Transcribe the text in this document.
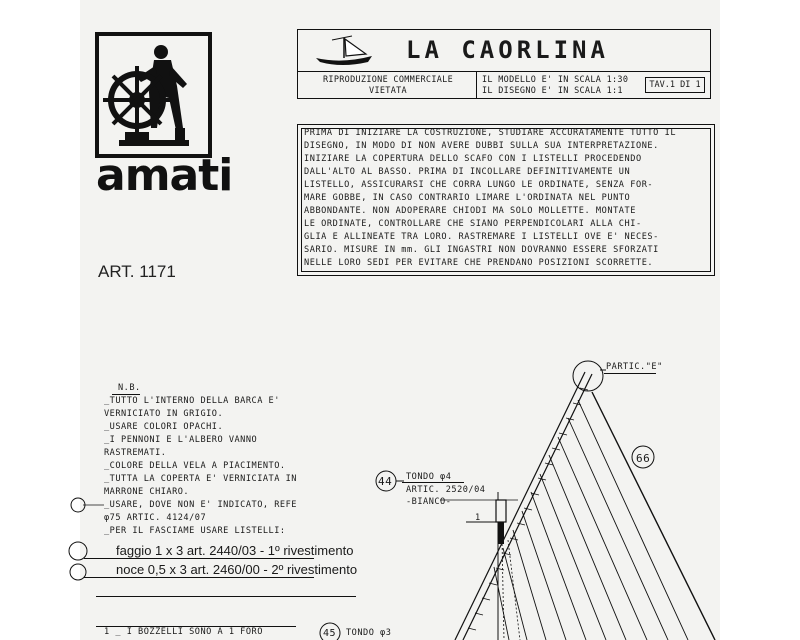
amati
ART. 1171
LA CAORLINA
RIPRODUZIONE COMMERCIALE
VIETATA
IL MODELLO E' IN SCALA 1:30
IL DISEGNO E' IN SCALA 1:1
TAV.1 DI 1
PRIMA DI INIZIARE LA COSTRUZIONE, STUDIARE ACCURATAMENTE TUTTO IL
DISEGNO, IN MODO DI NON AVERE DUBBI SULLA SUA INTERPRETAZIONE.
INIZIARE LA COPERTURA DELLO SCAFO CON I LISTELLI PROCEDENDO
DALL'ALTO AL BASSO. PRIMA DI INCOLLARE DEFINITIVAMENTE UN
LISTELLO, ASSICURARSI CHE CORRA LUNGO LE ORDINATE, SENZA FOR-
MARE GOBBE, IN CASO CONTRARIO LIMARE L'ORDINATA NEL PUNTO
ABBONDANTE. NON ADOPERARE CHIODI MA SOLO MOLLETTE. MONTATE
LE ORDINATE, CONTROLLARE CHE SIANO PERPENDICOLARI ALLA CHI-
GLIA E ALLINEATE TRA LORO. RASTREMARE I LISTELLI OVE E' NECES-
SARIO. MISURE IN mm. GLI INGASTRI NON DOVRANNO ESSERE SFORZATI
NELLE LORO SEDI PER EVITARE CHE PRENDANO POSIZIONI SCORRETTE.
N.B.
_TUTTO L'INTERNO DELLA BARCA E'
VERNICIATO IN GRIGIO.
_USARE COLORI OPACHI.
_I PENNONI E L'ALBERO VANNO
RASTREMATI.
_COLORE DELLA VELA A PIACIMENTO.
_TUTTA LA COPERTA E' VERNICIATA IN
MARRONE CHIARO.
_USARE, DOVE NON E' INDICATO, REFE
φ75 ARTIC. 4124/07
_PER IL FASCIAME USARE LISTELLI:
faggio 1 x 3 art. 2440/03 - 1º rivestimento
noce 0,5 x 3 art. 2460/00 - 2º rivestimento
1 _ I BOZZELLI SONO A 1 FORO
PARTIC."E"
66
44 TONDO φ4
ARTIC. 2520/04
-BIANCO-
1
45 TONDO φ3
